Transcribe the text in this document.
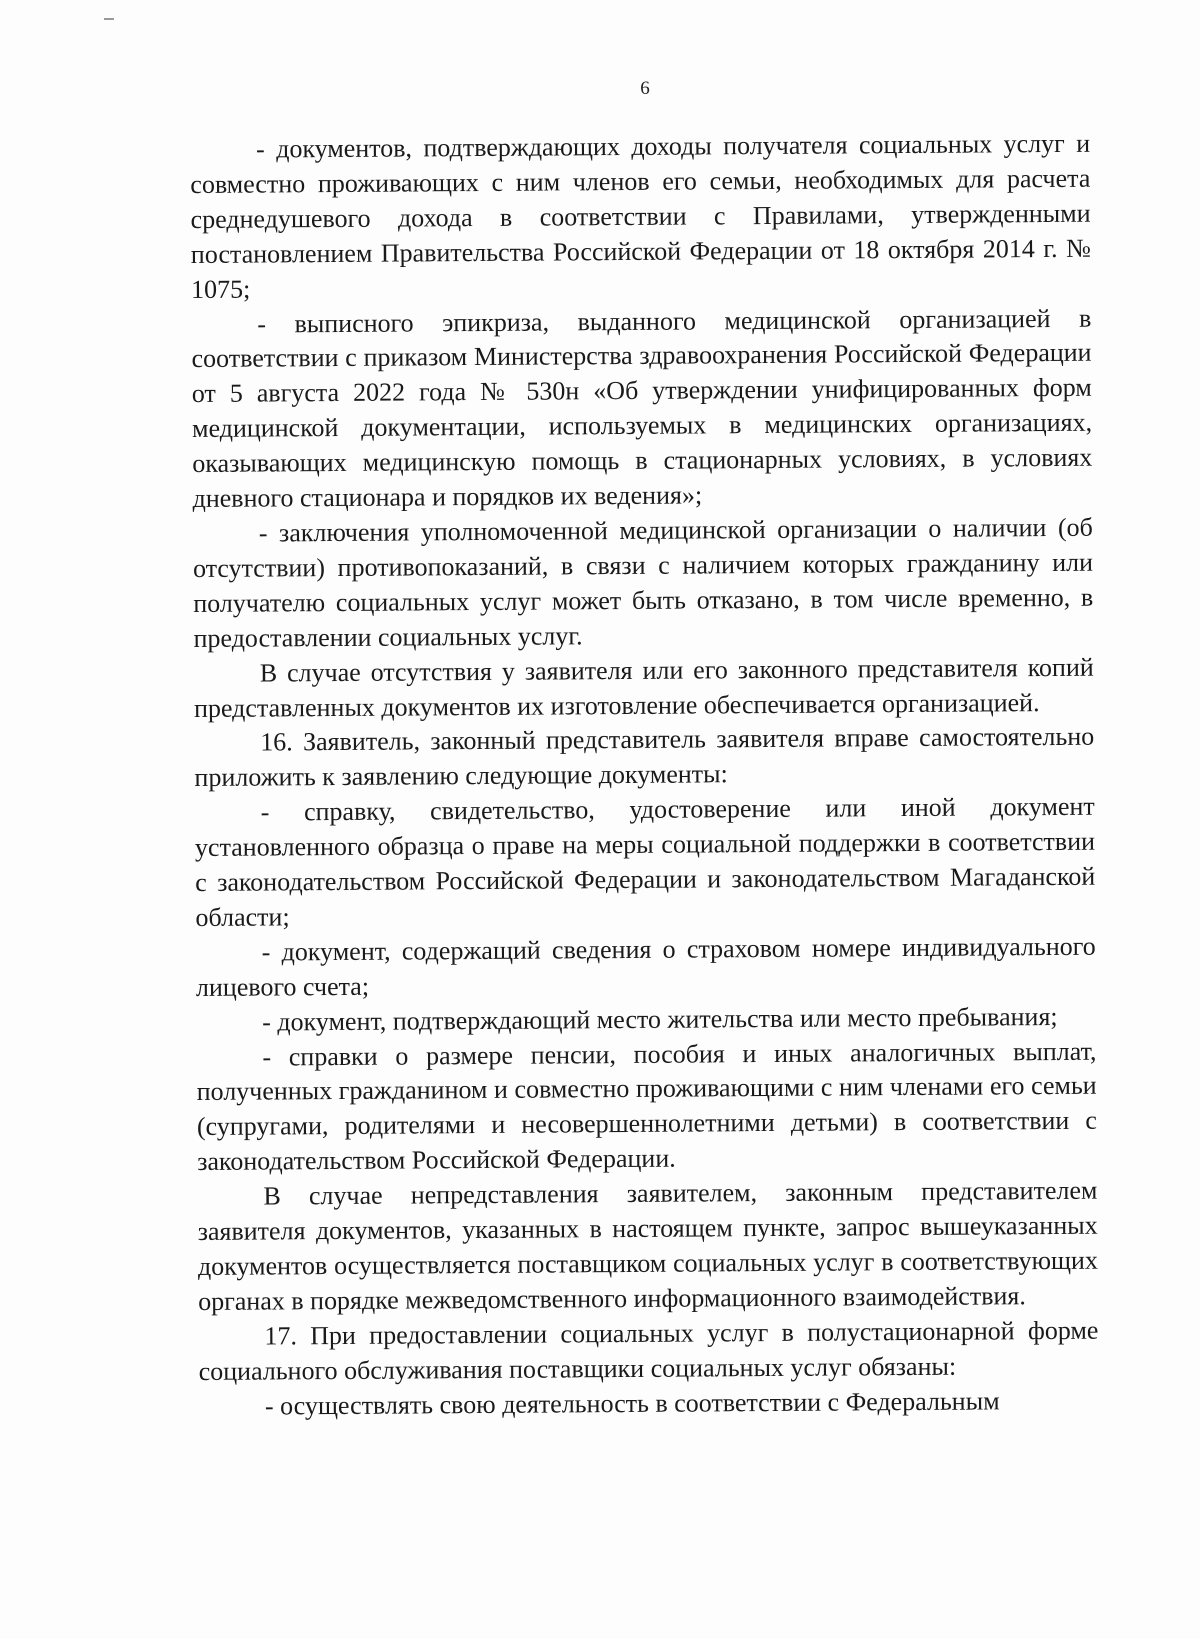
6

- документов, подтверждающих доходы получателя социальных услуг и совместно проживающих с ним членов его семьи, необходимых для расчета среднедушевого дохода в соответствии с Правилами, утвержденными постановлением Правительства Российской Федерации от 18 октября 2014 г. № 1075;

- выписного эпикриза, выданного медицинской организацией в соответствии с приказом Министерства здравоохранения Российской Федерации от 5 августа 2022 года № 530н «Об утверждении унифицированных форм медицинской документации, используемых в медицинских организациях, оказывающих медицинскую помощь в стационарных условиях, в условиях дневного стационара и порядков их ведения»;

- заключения уполномоченной медицинской организации о наличии (об отсутствии) противопоказаний, в связи с наличием которых гражданину или получателю социальных услуг может быть отказано, в том числе временно, в предоставлении социальных услуг.

В случае отсутствия у заявителя или его законного представителя копий представленных документов их изготовление обеспечивается организацией.

16. Заявитель, законный представитель заявителя вправе самостоятельно приложить к заявлению следующие документы:

- справку, свидетельство, удостоверение или иной документ установленного образца о праве на меры социальной поддержки в соответствии с законодательством Российской Федерации и законодательством Магаданской области;

- документ, содержащий сведения о страховом номере индивидуального лицевого счета;

- документ, подтверждающий место жительства или место пребывания;

- справки о размере пенсии, пособия и иных аналогичных выплат, полученных гражданином и совместно проживающими с ним членами его семьи (супругами, родителями и несовершеннолетними детьми) в соответствии с законодательством Российской Федерации.

В случае непредставления заявителем, законным представителем заявителя документов, указанных в настоящем пункте, запрос вышеуказанных документов осуществляется поставщиком социальных услуг в соответствующих органах в порядке межведомственного информационного взаимодействия.

17. При предоставлении социальных услуг в полустационарной форме социального обслуживания поставщики социальных услуг обязаны:

- осуществлять свою деятельность в соответствии с Федеральным
